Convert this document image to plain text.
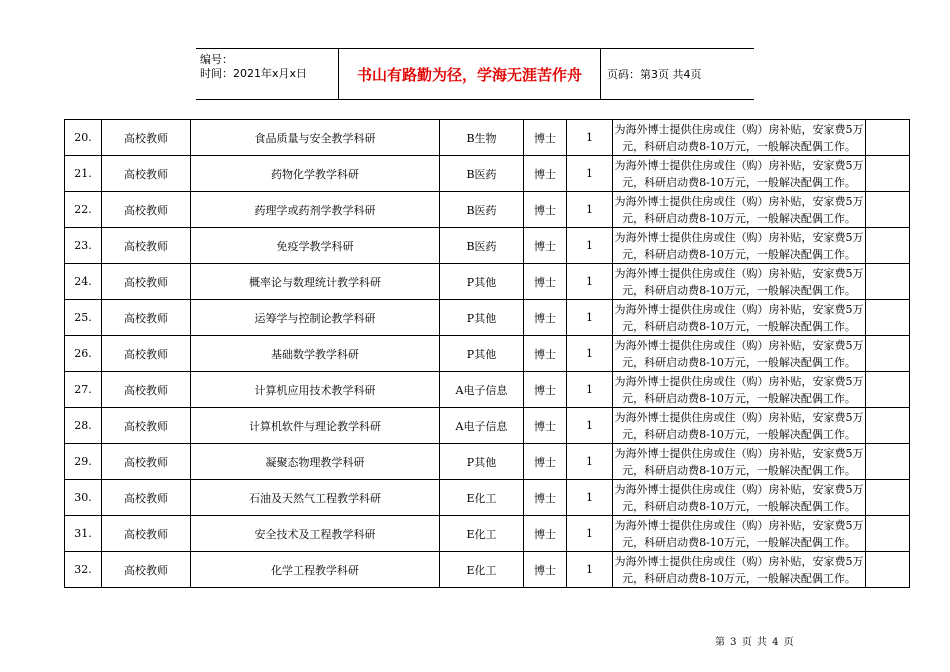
编号：
时间：2021年x月x日	书山有路勤为径，学海无涯苦作舟	页码：第3页 共4页
20.	高校教师	食品质量与安全教学科研	B生物	博士	1	为海外博士提供住房或住（购）房补贴，安家费5万元，科研启动费8-10万元，一般解决配偶工作。	
21.	高校教师	药物化学教学科研	B医药	博士	1	为海外博士提供住房或住（购）房补贴，安家费5万元，科研启动费8-10万元，一般解决配偶工作。	
22.	高校教师	药理学或药剂学教学科研	B医药	博士	1	为海外博士提供住房或住（购）房补贴，安家费5万元，科研启动费8-10万元，一般解决配偶工作。	
23.	高校教师	免疫学教学科研	B医药	博士	1	为海外博士提供住房或住（购）房补贴，安家费5万元，科研启动费8-10万元，一般解决配偶工作。	
24.	高校教师	概率论与数理统计教学科研	P其他	博士	1	为海外博士提供住房或住（购）房补贴，安家费5万元，科研启动费8-10万元，一般解决配偶工作。	
25.	高校教师	运筹学与控制论教学科研	P其他	博士	1	为海外博士提供住房或住（购）房补贴，安家费5万元，科研启动费8-10万元，一般解决配偶工作。	
26.	高校教师	基础数学教学科研	P其他	博士	1	为海外博士提供住房或住（购）房补贴，安家费5万元，科研启动费8-10万元，一般解决配偶工作。	
27.	高校教师	计算机应用技术教学科研	A电子信息	博士	1	为海外博士提供住房或住（购）房补贴，安家费5万元，科研启动费8-10万元，一般解决配偶工作。	
28.	高校教师	计算机软件与理论教学科研	A电子信息	博士	1	为海外博士提供住房或住（购）房补贴，安家费5万元，科研启动费8-10万元，一般解决配偶工作。	
29.	高校教师	凝聚态物理教学科研	P其他	博士	1	为海外博士提供住房或住（购）房补贴，安家费5万元，科研启动费8-10万元，一般解决配偶工作。	
30.	高校教师	石油及天然气工程教学科研	E化工	博士	1	为海外博士提供住房或住（购）房补贴，安家费5万元，科研启动费8-10万元，一般解决配偶工作。	
31.	高校教师	安全技术及工程教学科研	E化工	博士	1	为海外博士提供住房或住（购）房补贴，安家费5万元，科研启动费8-10万元，一般解决配偶工作。	
32.	高校教师	化学工程教学科研	E化工	博士	1	为海外博士提供住房或住（购）房补贴，安家费5万元，科研启动费8-10万元，一般解决配偶工作。	
第 3 页 共 4 页
